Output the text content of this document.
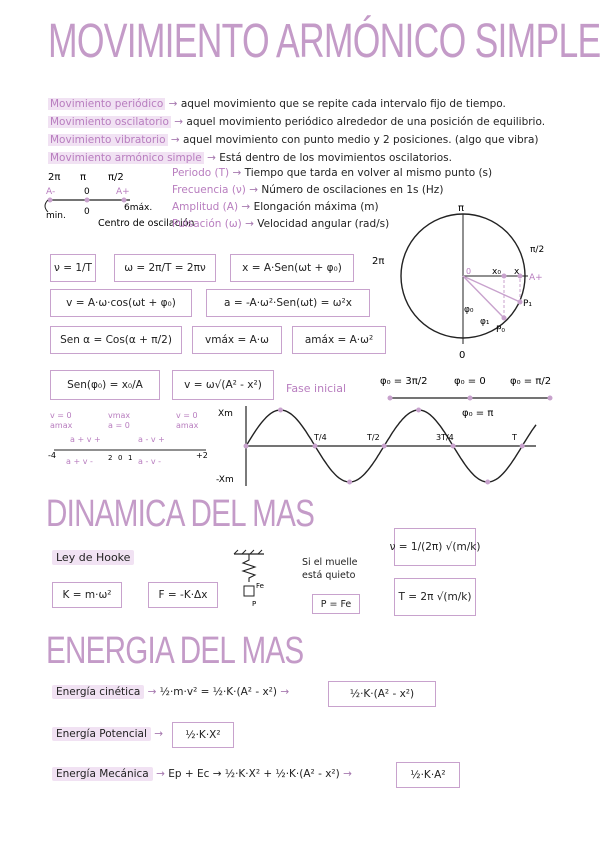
MOVIMIENTO ARMÓNICO SIMPLE
Movimiento periódico → aquel movimiento que se repite cada intervalo fijo de tiempo.
Movimiento oscilatorio → aquel movimiento periódico alrededor de una posición de equilibrio.
Movimiento vibratorio → aquel movimiento con punto medio y 2 posiciones. (algo que vibra)
Movimiento armónico simple → Está dentro de los movimientos oscilatorios.
2π π π/2
A-	0	A+
min.
6máx.
0
Centro de oscilación
Periodo (T) → Tiempo que tarda en volver al mismo punto (s)
Frecuencia (ν) → Número de oscilaciones en 1s (Hz)
Amplitud (A) → Elongación máxima (m)
Pulsación (ω) → Velocidad angular (rad/s)
ν = 1/T	ω = 2π/T = 2πν	x = A·Sen(ωt + φ₀)
v = A·ω·cos(ωt + φ₀)	a = -A·ω²·Sen(ωt) = ω²x
Sen α = Cos(α + π/2)	vmáx = A·ω	amáx = A·ω²
Sen(φ₀) = x₀/A	v = ω√(A² - x²)
π
π/2
2π
0
0 x₀ x
A+
φ₀
P₀
P₁
φ₁
Fase inicial
φ₀ = 3π/2	φ₀ = 0 φ₀ = π/2
φ₀ = π
v = 0
amax
vmax
a = 0
v = 0
amax
a + v +	a - v +
-4	+2
a + v -	a - v -
2 0 1
Xm
-Xm
T/4	T/2	3T/4	T
DINAMICA DEL MAS
Ley de Hooke
K = m·ω²	F = -K·Δx
Fe
P
Si el muelle está quieto
P = Fe
ν = 1/(2π) √(m/k)
T = 2π √(m/k)
ENERGIA DEL MAS
Energía cinética → ½·m·v² = ½·K·(A² - x²) →	½·K·(A² - x²)
Energía Potencial →	½·K·X²
Energía Mecánica → Ep + Ec → ½·K·X² + ½·K·(A² - x²) →	½·K·A²
